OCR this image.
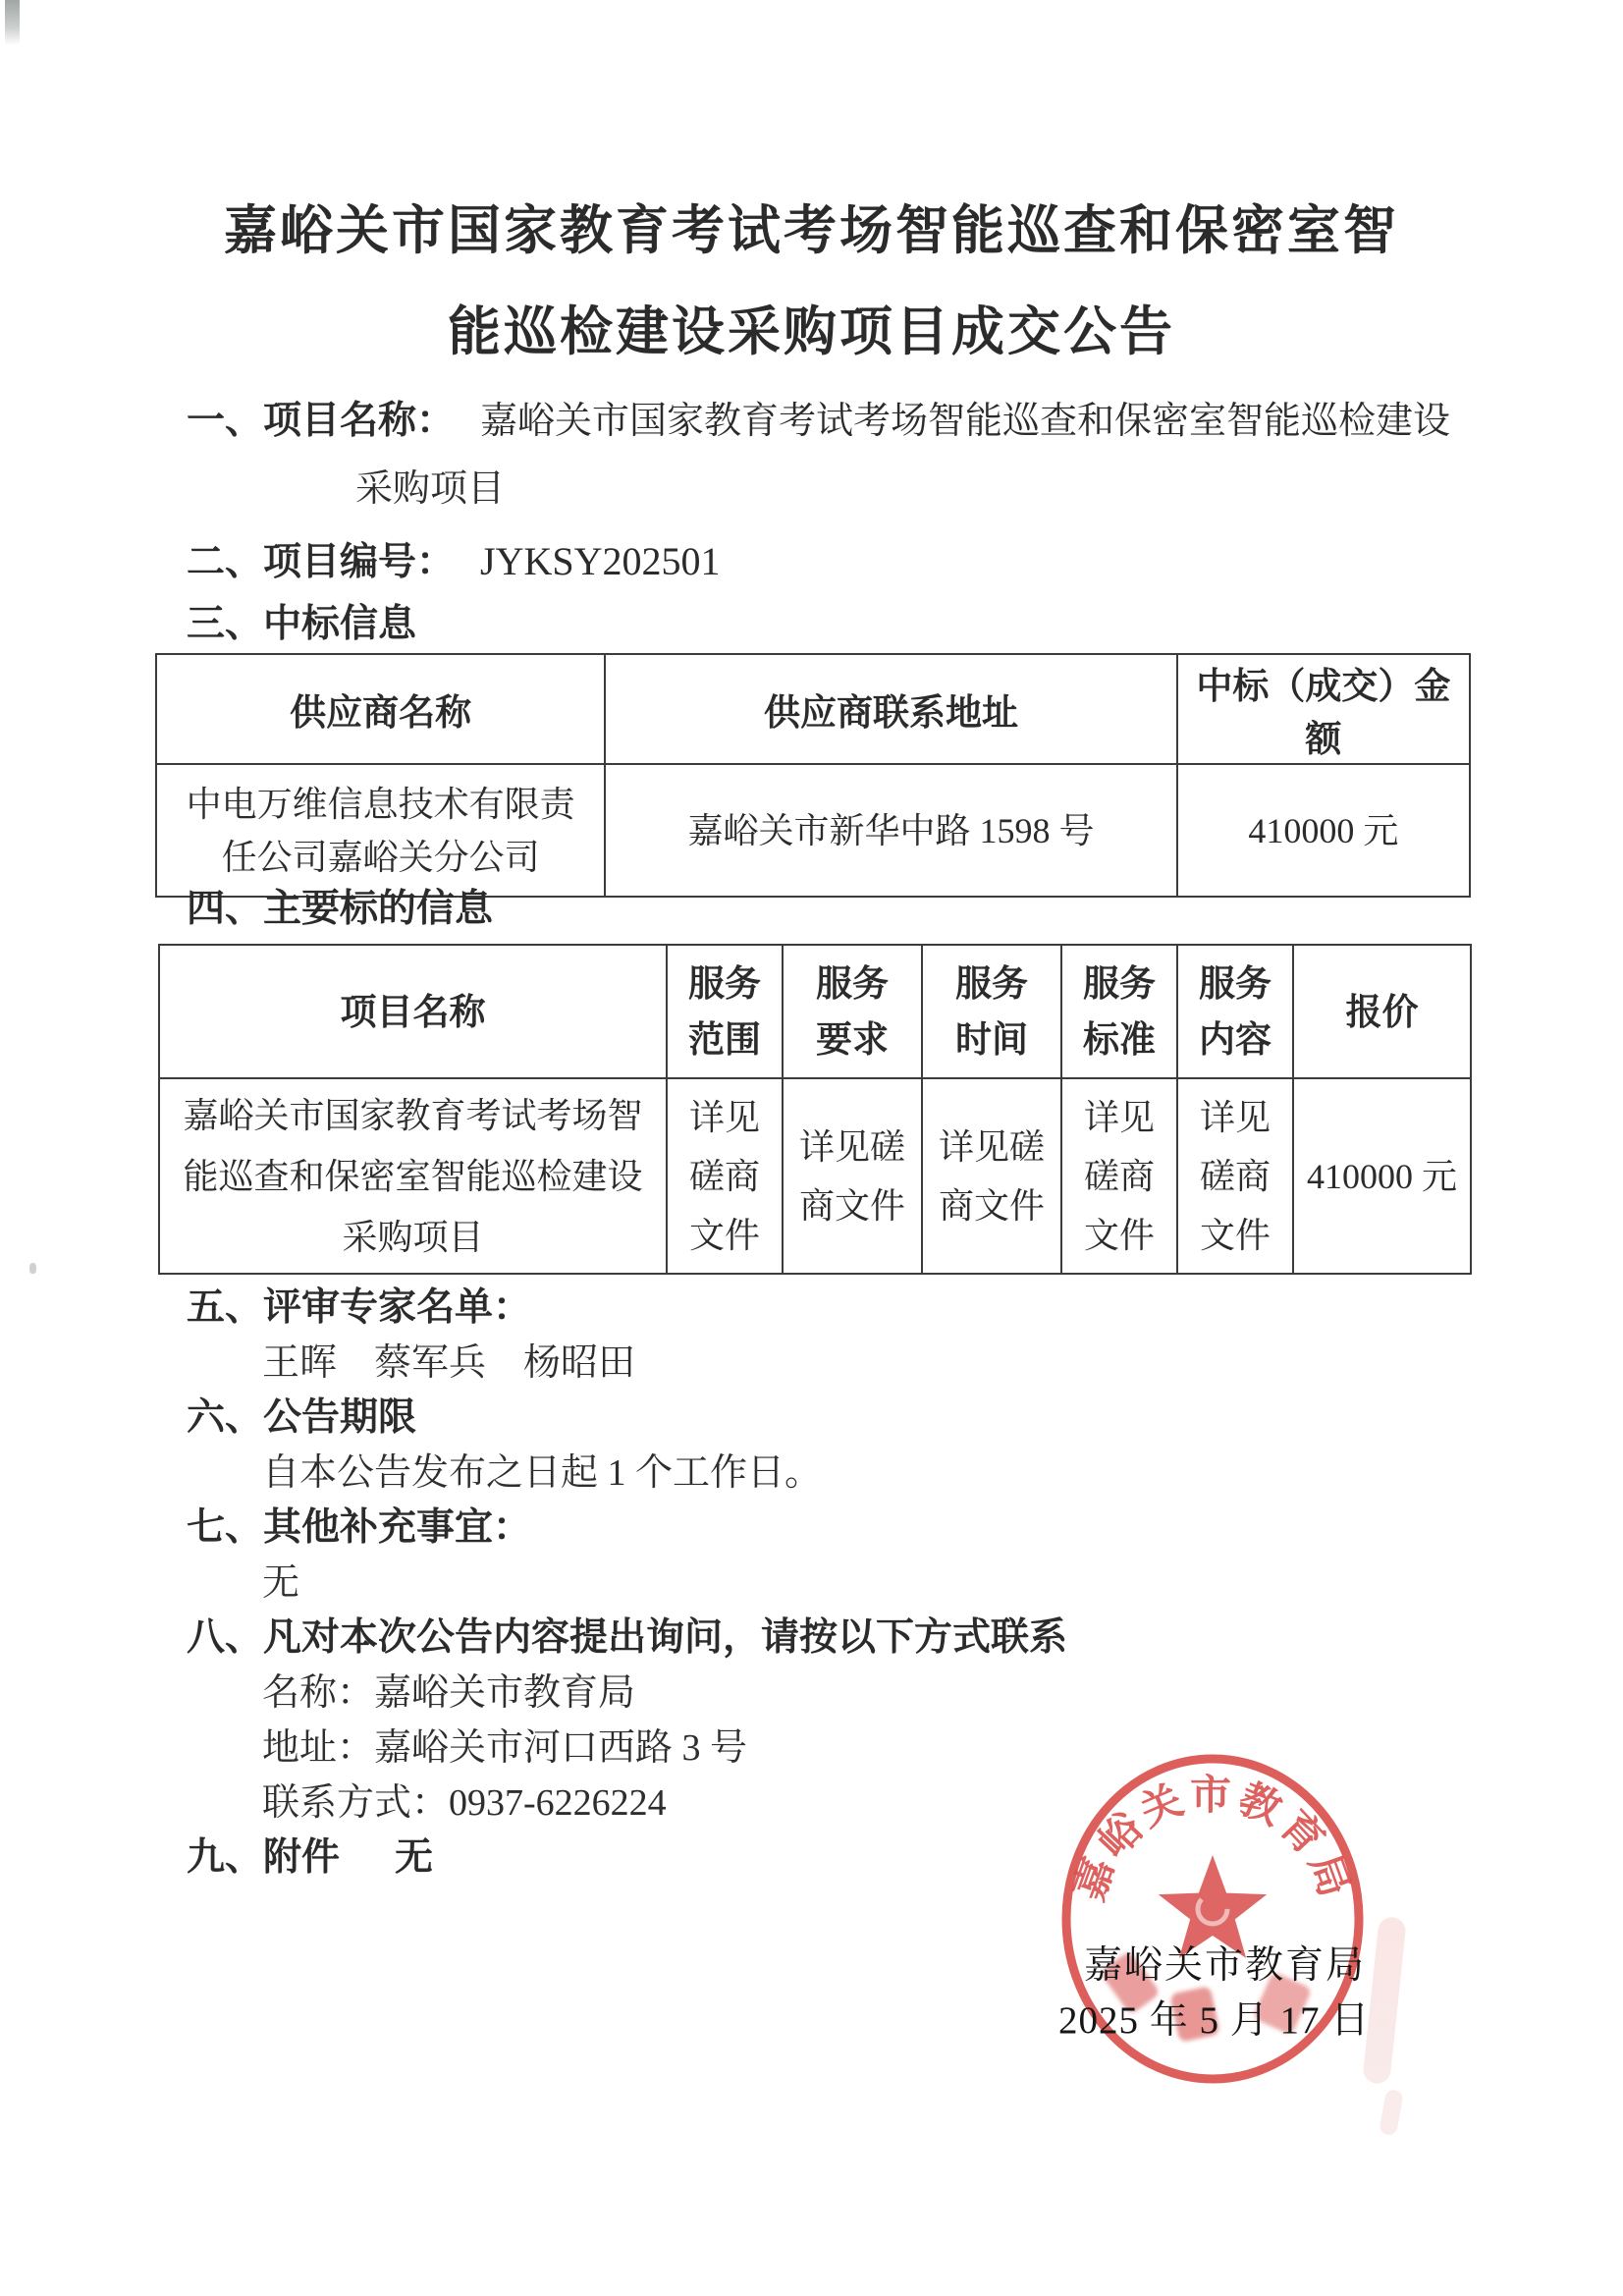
嘉峪关市国家教育考试考场智能巡查和保密室智
能巡检建设采购项目成交公告
一、项目名称： 嘉峪关市国家教育考试考场智能巡查和保密室智能巡检建设
采购项目
二、项目编号： JYKSY202501
三、中标信息
供应商名称	供应商联系地址	中标（成交）金额
中电万维信息技术有限责任公司嘉峪关分公司	嘉峪关市新华中路 1598 号	410000 元
四、主要标的信息
项目名称	服务范围	服务要求	服务时间	服务标准	服务内容	报价
嘉峪关市国家教育考试考场智能巡查和保密室智能巡检建设采购项目	详见磋商文件	详见磋商文件	详见磋商文件	详见磋商文件	详见磋商文件	410000 元
五、评审专家名单：
王晖　蔡军兵　杨昭田
六、公告期限
自本公告发布之日起 1 个工作日。
七、其他补充事宜：
无
八、凡对本次公告内容提出询问，请按以下方式联系
名称：嘉峪关市教育局
地址：嘉峪关市河口西路 3 号
联系方式：0937-6226224
九、附件 无	嘉峪关市教育局
嘉峪关市教育局
2025 年 5 月 17 日
